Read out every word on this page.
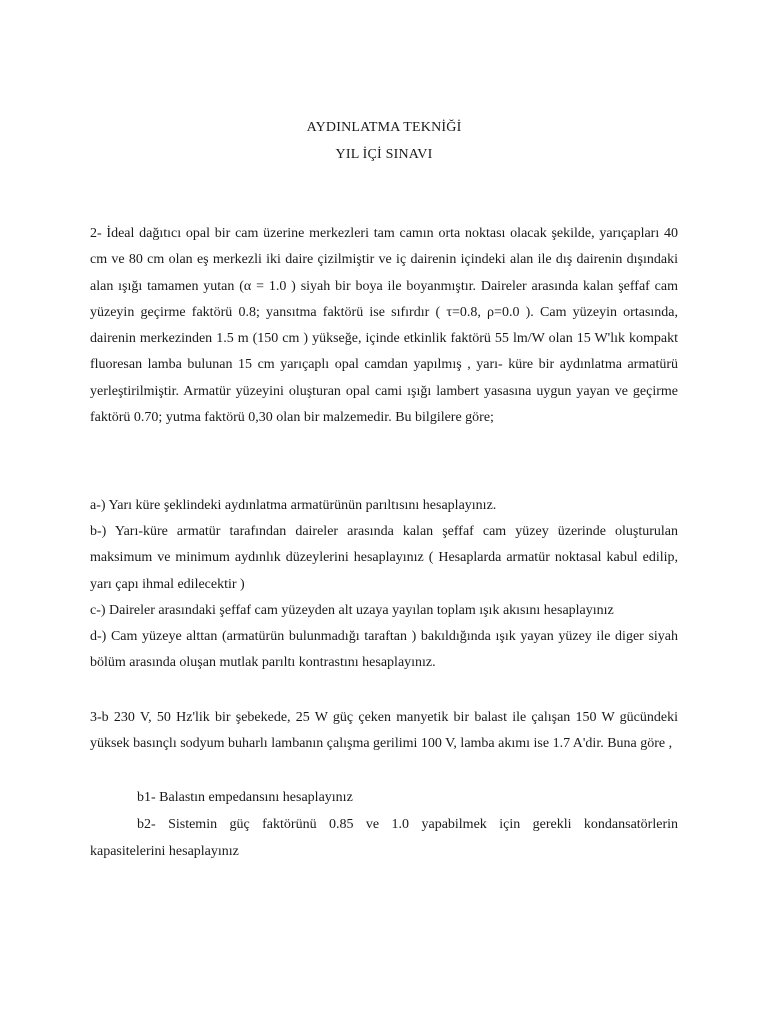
AYDINLATMA TEKNİĞİ
YIL İÇİ SINAVI
2- İdeal dağıtıcı opal bir cam üzerine merkezleri tam camın orta noktası olacak şekilde, yarıçapları 40 cm ve 80 cm olan eş merkezli iki daire çizilmiştir ve iç dairenin içindeki alan ile dış dairenin dışındaki alan ışığı tamamen yutan (α = 1.0 ) siyah bir boya ile boyanmıştır. Daireler arasında kalan şeffaf cam yüzeyin geçirme faktörü 0.8; yansıtma faktörü ise sıfırdır ( τ=0.8, ρ=0.0 ). Cam yüzeyin ortasında, dairenin merkezinden 1.5 m (150 cm ) yükseğe, içinde etkinlik faktörü 55 lm/W olan 15 W'lık kompakt fluoresan lamba bulunan 15 cm yarıçaplı opal camdan yapılmış , yarı- küre bir aydınlatma armatürü yerleştirilmiştir. Armatür yüzeyini oluşturan opal cami ışığı lambert yasasına uygun yayan ve geçirme faktörü 0.70; yutma faktörü 0,30 olan bir malzemedir. Bu bilgilere göre;
a-) Yarı küre şeklindeki aydınlatma armatürünün parıltısını hesaplayınız.
b-) Yarı-küre armatür tarafından daireler arasında kalan şeffaf cam yüzey üzerinde oluşturulan maksimum ve minimum aydınlık düzeylerini hesaplayınız ( Hesaplarda armatür noktasal kabul edilip, yarı çapı ihmal edilecektir )
c-) Daireler arasındaki şeffaf cam yüzeyden alt uzaya yayılan toplam ışık akısını hesaplayınız
d-) Cam yüzeye alttan (armatürün bulunmadığı taraftan ) bakıldığında ışık yayan yüzey ile diger siyah bölüm arasında oluşan mutlak parıltı kontrastını hesaplayınız.
3-b 230 V, 50 Hz'lik bir şebekede, 25 W güç çeken manyetik bir balast ile çalışan 150 W gücündeki yüksek basınçlı sodyum buharlı lambanın çalışma gerilimi 100 V, lamba akımı ise 1.7 A'dir. Buna göre ,
b1- Balastın empedansını hesaplayınız
b2- Sistemin güç faktörünü 0.85 ve 1.0 yapabilmek için gerekli kondansatörlerin
kapasitelerini hesaplayınız
